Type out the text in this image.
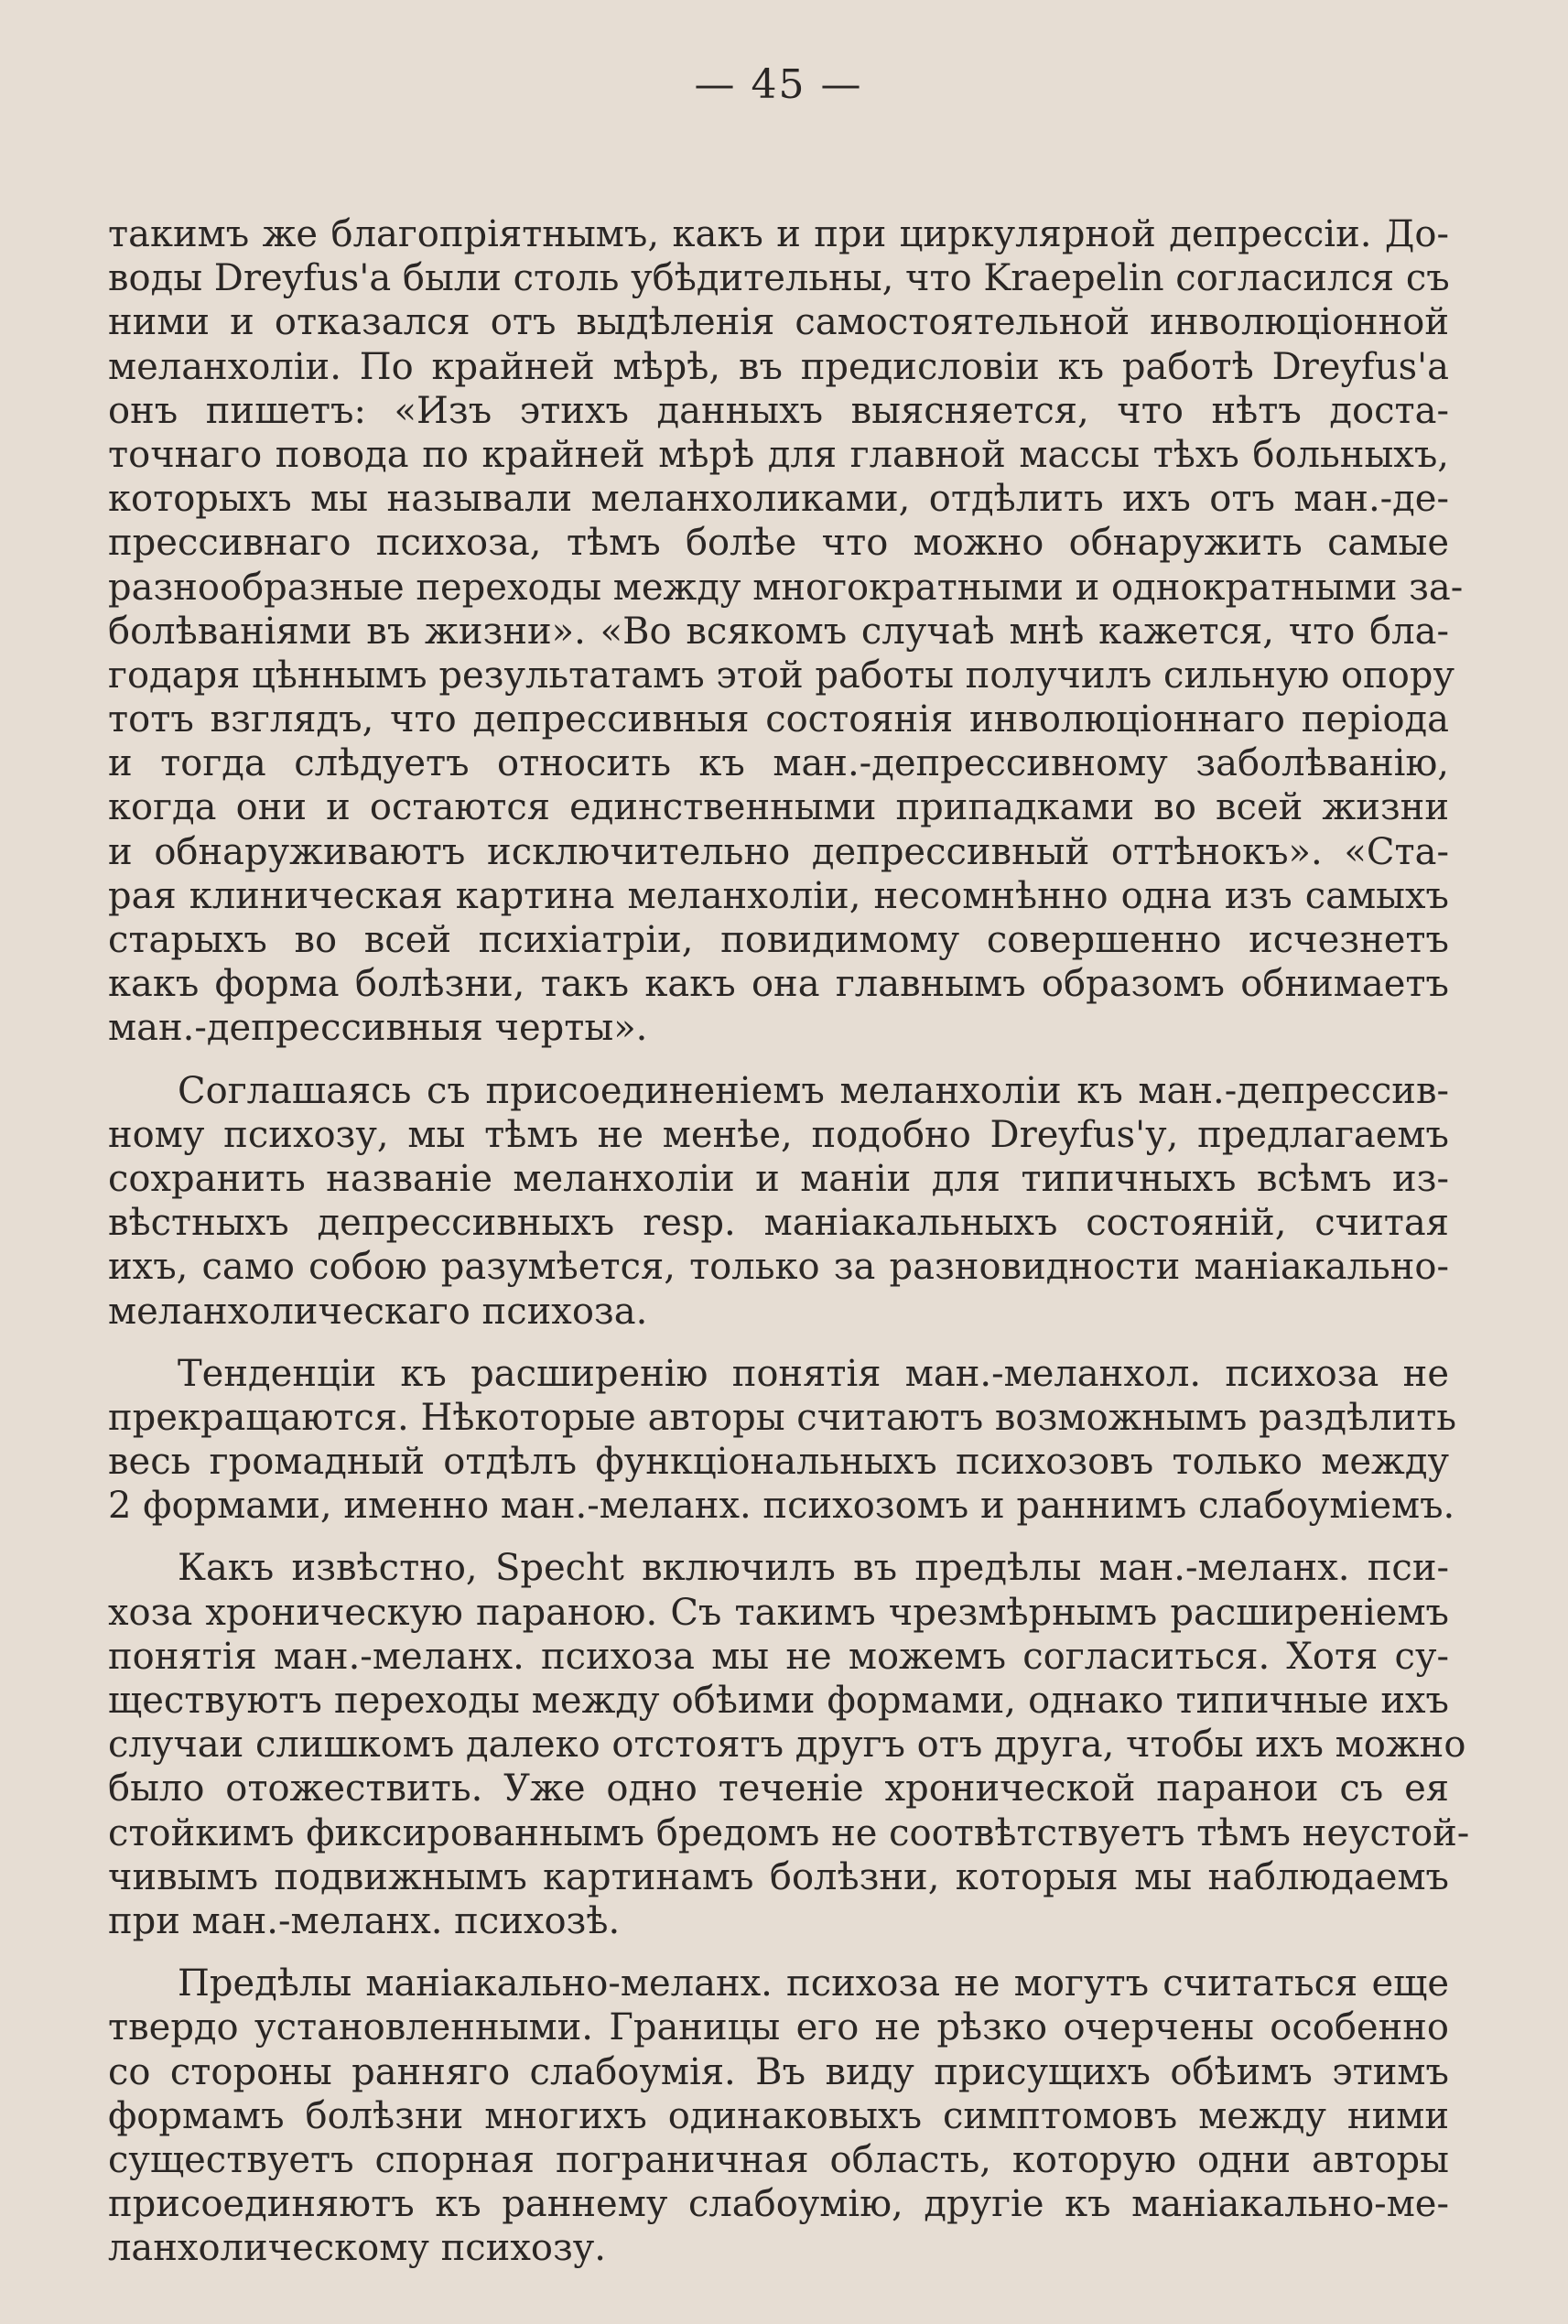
— 45 —
такимъ же благопріятнымъ, какъ и при циркулярной депрессіи. До-
воды Dreyfus'а были столь убѣдительны, что Kraepelin согласился съ
ними и отказался отъ выдѣленія самостоятельной инволюціонной
меланхоліи. По крайней мѣрѣ, въ предисловіи къ работѣ Dreyfus'а
онъ пишетъ: «Изъ этихъ данныхъ выясняется, что нѣтъ доста-
точнаго повода по крайней мѣрѣ для главной массы тѣхъ больныхъ,
которыхъ мы называли меланхоликами, отдѣлить ихъ отъ ман.-де-
прессивнаго психоза, тѣмъ болѣе что можно обнаружить самые
разнообразные переходы между многократными и однократными за-
болѣваніями въ жизни». «Во всякомъ случаѣ мнѣ кажется, что бла-
годаря цѣннымъ результатамъ этой работы получилъ сильную опору
тотъ взглядъ, что депрессивныя состоянія инволюціоннаго періода
и тогда слѣдуетъ относить къ ман.-депрессивному заболѣванію,
когда они и остаются единственными припадками во всей жизни
и обнаруживаютъ исключительно депрессивный оттѣнокъ». «Ста-
рая клиническая картина меланхоліи, несомнѣнно одна изъ самыхъ
старыхъ во всей психіатріи, повидимому совершенно исчезнетъ
какъ форма болѣзни, такъ какъ она главнымъ образомъ обнимаетъ
ман.-депрессивныя черты».
Соглашаясь съ присоединеніемъ меланхоліи къ ман.-депрессив-
ному психозу, мы тѣмъ не менѣе, подобно Dreyfus'у, предлагаемъ
сохранить названіе меланхоліи и маніи для типичныхъ всѣмъ из-
вѣстныхъ депрессивныхъ resp. маніакальныхъ состояній, считая
ихъ, само собою разумѣется, только за разновидности маніакально-
меланхолическаго психоза.
Тенденціи къ расширенію понятія ман.-меланхол. психоза не
прекращаются. Нѣкоторые авторы считаютъ возможнымъ раздѣлить
весь громадный отдѣлъ функціональныхъ психозовъ только между
2 формами, именно ман.-меланх. психозомъ и раннимъ слабоуміемъ.
Какъ извѣстно, Specht включилъ въ предѣлы ман.-меланх. пси-
хоза хроническую параною. Съ такимъ чрезмѣрнымъ расширеніемъ
понятія ман.-меланх. психоза мы не можемъ согласиться. Хотя су-
ществуютъ переходы между обѣими формами, однако типичные ихъ
случаи слишкомъ далеко отстоятъ другъ отъ друга, чтобы ихъ можно
было отожествить. Уже одно теченіе хронической паранои съ ея
стойкимъ фиксированнымъ бредомъ не соотвѣтствуетъ тѣмъ неустой-
чивымъ подвижнымъ картинамъ болѣзни, которыя мы наблюдаемъ
при ман.-меланх. психозѣ.
Предѣлы маніакально-меланх. психоза не могутъ считаться еще
твердо установленными. Границы его не рѣзко очерчены особенно
со стороны ранняго слабоумія. Въ виду присущихъ обѣимъ этимъ
формамъ болѣзни многихъ одинаковыхъ симптомовъ между ними
существуетъ спорная пограничная область, которую одни авторы
присоединяютъ къ раннему слабоумію, другіе къ маніакально-ме-
ланхолическому психозу.
